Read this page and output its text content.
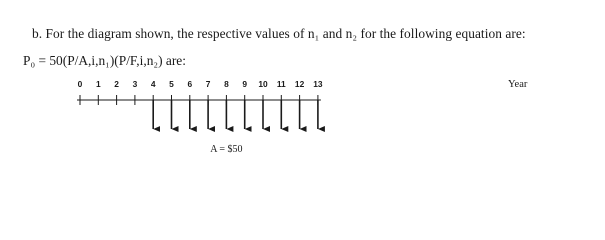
b. For the diagram shown, the respective values of n₁ and n₂ for the following equation are:
P₀ = 50(P/A,i,n₁)(P/F,i,n₂) are:
0 1 2 3 4 5 6 7 8 9 10 11 12 13	Year
A = $50
